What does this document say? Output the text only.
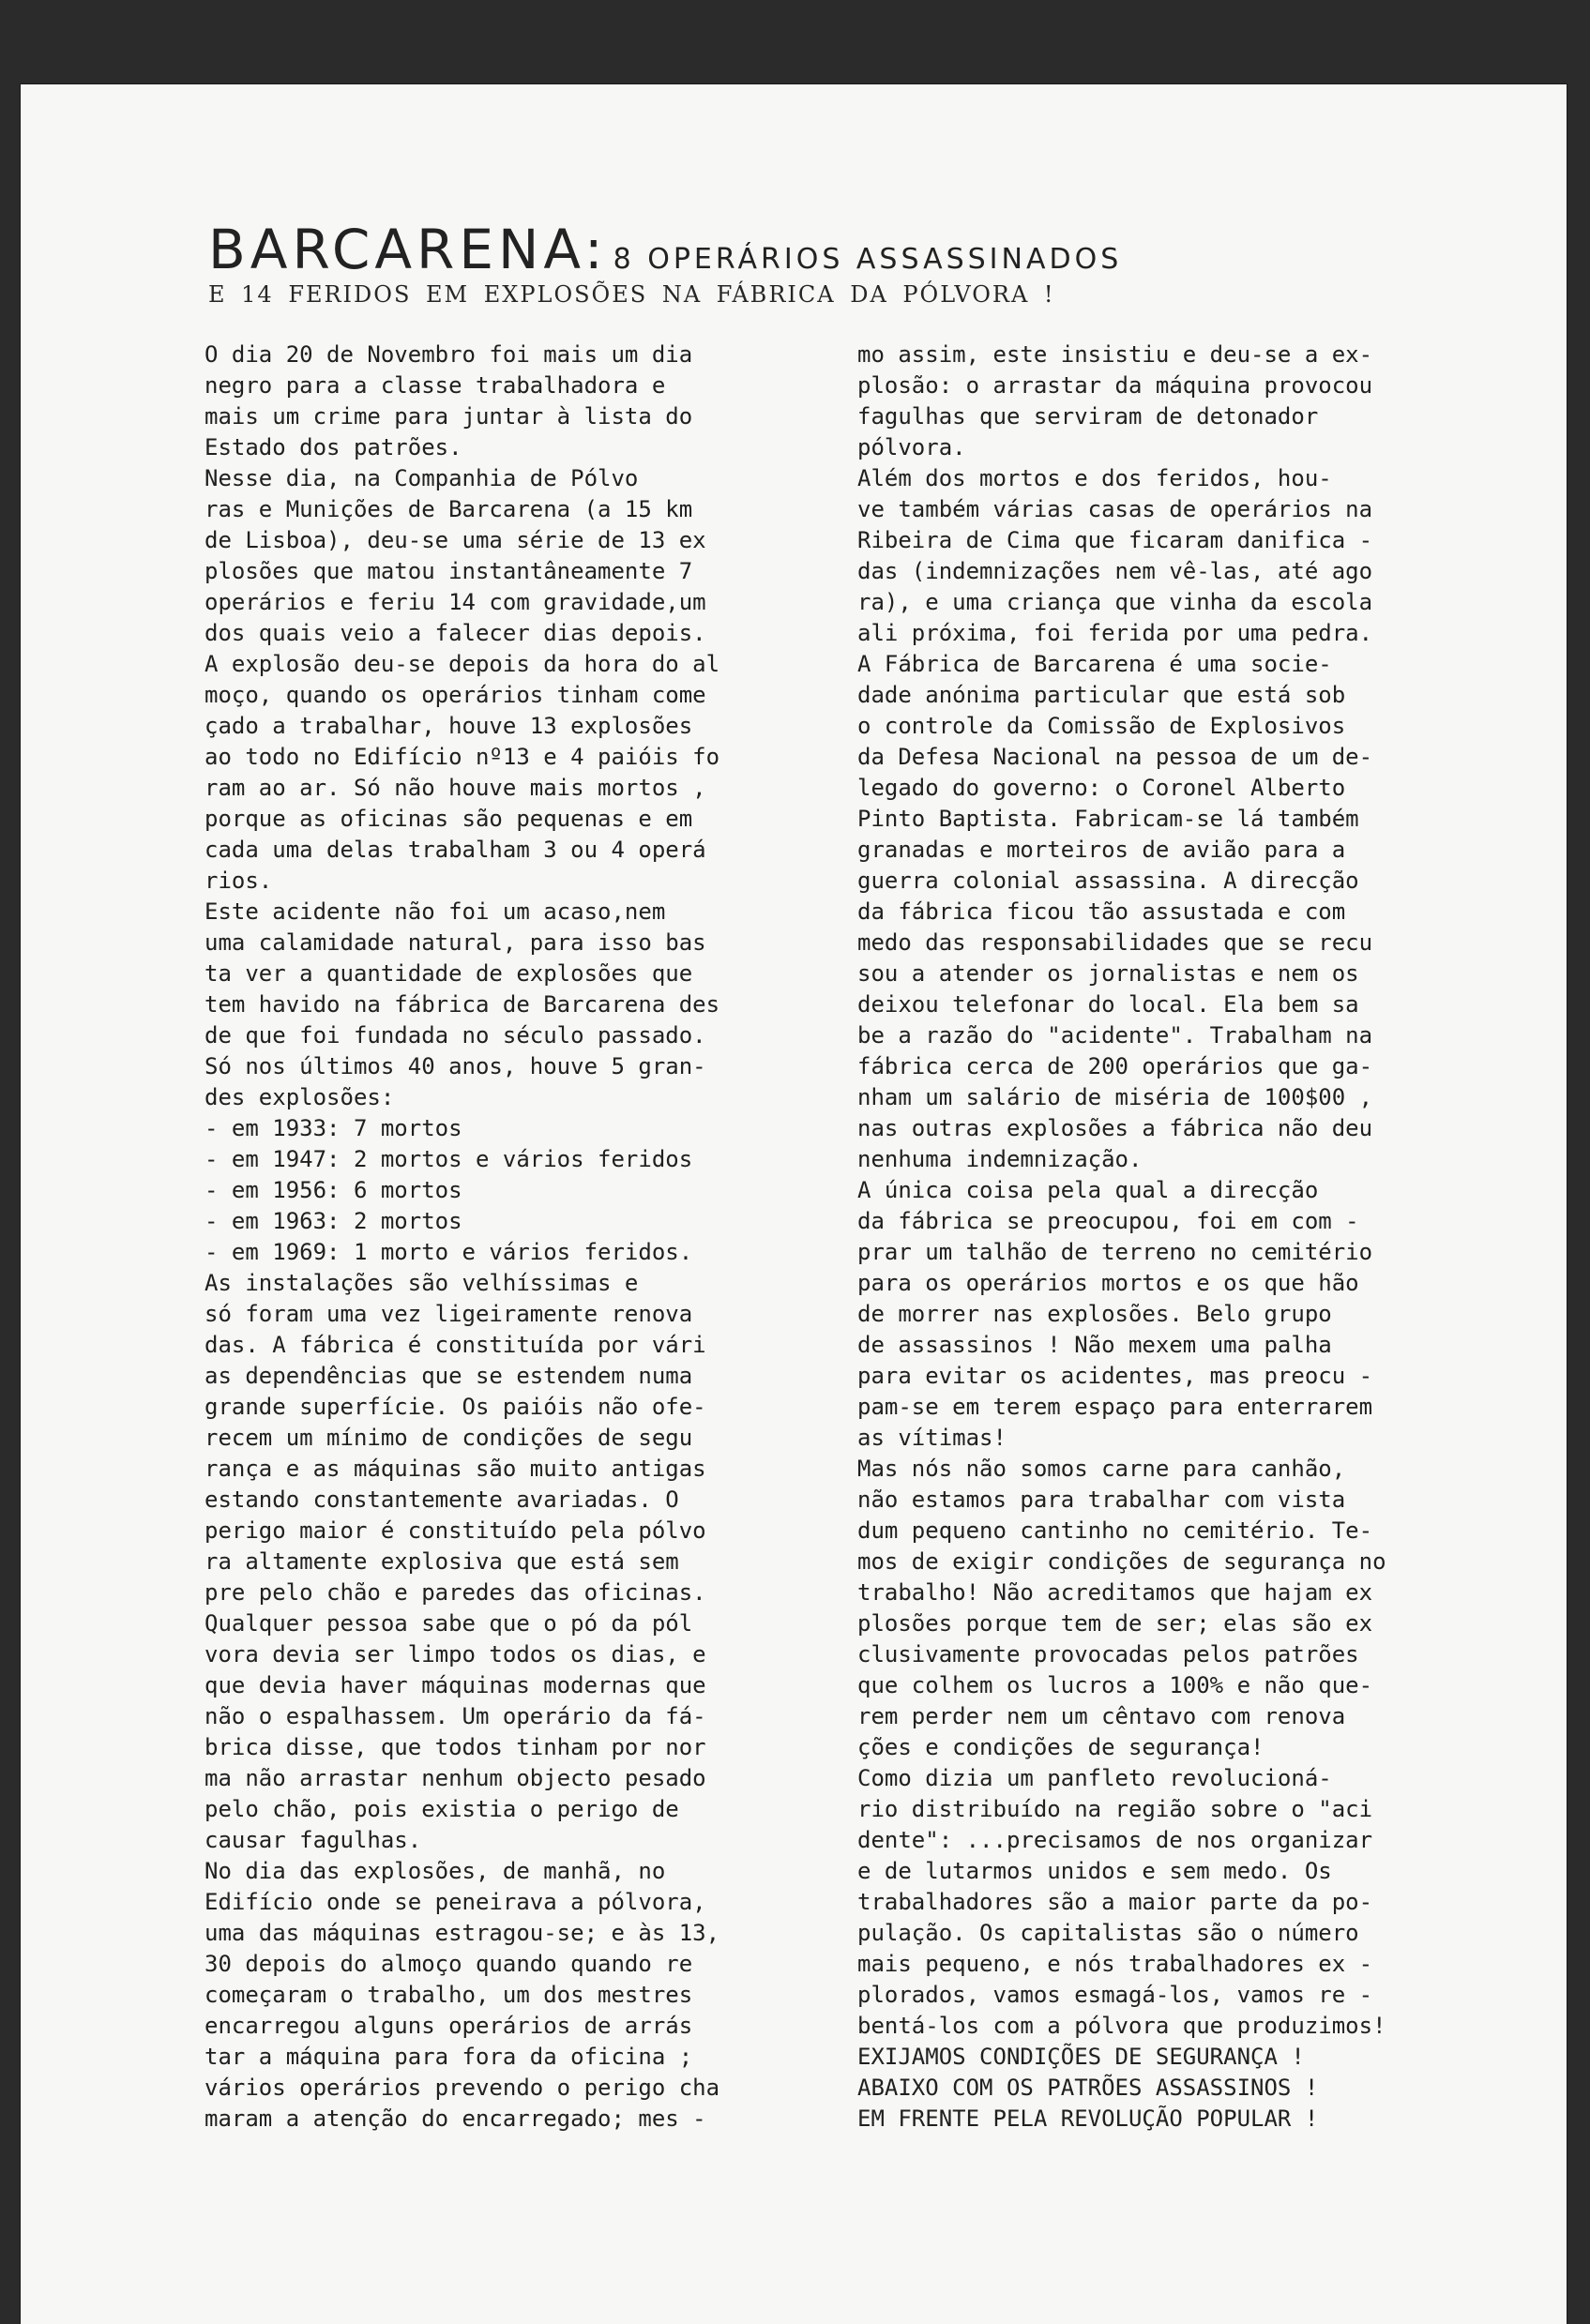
BARCARENA: 8 OPERÁRIOS ASSASSINADOS
E 14 FERIDOS EM EXPLOSÕES NA FÁBRICA DA PÓLVORA !
O dia 20 de Novembro foi mais um dia
negro para a classe trabalhadora e
mais um crime para juntar à lista do
Estado dos patrões.
Nesse dia, na Companhia de Pólvo
ras e Munições de Barcarena (a 15 km
de Lisboa), deu-se uma série de 13 ex
plosões que matou instantâneamente 7
operários e feriu 14 com gravidade,um
dos quais veio a falecer dias depois.
A explosão deu-se depois da hora do al
moço, quando os operários tinham come
çado a trabalhar, houve 13 explosões
ao todo no Edifício nº13 e 4 paióis fo
ram ao ar. Só não houve mais mortos ,
porque as oficinas são pequenas e em
cada uma delas trabalham 3 ou 4 operá
rios.
Este acidente não foi um acaso,nem
uma calamidade natural, para isso bas
ta ver a quantidade de explosões que
tem havido na fábrica de Barcarena des
de que foi fundada no século passado.
Só nos últimos 40 anos, houve 5 gran-
des explosões:
- em 1933: 7 mortos
- em 1947: 2 mortos e vários feridos
- em 1956: 6 mortos
- em 1963: 2 mortos
- em 1969: 1 morto e vários feridos.
As instalações são velhíssimas e
só foram uma vez ligeiramente renova
das. A fábrica é constituída por vári
as dependências que se estendem numa
grande superfície. Os paióis não ofe-
recem um mínimo de condições de segu
rança e as máquinas são muito antigas
estando constantemente avariadas. O
perigo maior é constituído pela pólvo
ra altamente explosiva que está sem
pre pelo chão e paredes das oficinas.
Qualquer pessoa sabe que o pó da pól
vora devia ser limpo todos os dias, e
que devia haver máquinas modernas que
não o espalhassem. Um operário da fá-
brica disse, que todos tinham por nor
ma não arrastar nenhum objecto pesado
pelo chão, pois existia o perigo de
causar fagulhas.
No dia das explosões, de manhã, no
Edifício onde se peneirava a pólvora,
uma das máquinas estragou-se; e às 13,
30 depois do almoço quando quando re
começaram o trabalho, um dos mestres
encarregou alguns operários de arrás
tar a máquina para fora da oficina ;
vários operários prevendo o perigo cha
maram a atenção do encarregado; mes -
mo assim, este insistiu e deu-se a ex-
plosão: o arrastar da máquina provocou
fagulhas que serviram de detonador
pólvora.
Além dos mortos e dos feridos, hou-
ve também várias casas de operários na
Ribeira de Cima que ficaram danifica -
das (indemnizações nem vê-las, até ago
ra), e uma criança que vinha da escola
ali próxima, foi ferida por uma pedra.
A Fábrica de Barcarena é uma socie-
dade anónima particular que está sob
o controle da Comissão de Explosivos
da Defesa Nacional na pessoa de um de-
legado do governo: o Coronel Alberto
Pinto Baptista. Fabricam-se lá também
granadas e morteiros de avião para a
guerra colonial assassina. A direcção
da fábrica ficou tão assustada e com
medo das responsabilidades que se recu
sou a atender os jornalistas e nem os
deixou telefonar do local. Ela bem sa
be a razão do "acidente". Trabalham na
fábrica cerca de 200 operários que ga-
nham um salário de miséria de 100$00 ,
nas outras explosões a fábrica não deu
nenhuma indemnização.
A única coisa pela qual a direcção
da fábrica se preocupou, foi em com -
prar um talhão de terreno no cemitério
para os operários mortos e os que hão
de morrer nas explosões. Belo grupo
de assassinos ! Não mexem uma palha
para evitar os acidentes, mas preocu -
pam-se em terem espaço para enterrarem
as vítimas!
Mas nós não somos carne para canhão,
não estamos para trabalhar com vista
dum pequeno cantinho no cemitério. Te-
mos de exigir condições de segurança no
trabalho! Não acreditamos que hajam ex
plosões porque tem de ser; elas são ex
clusivamente provocadas pelos patrões
que colhem os lucros a 100% e não que-
rem perder nem um cêntavo com renova
ções e condições de segurança!
Como dizia um panfleto revolucioná-
rio distribuído na região sobre o "aci
dente": ...precisamos de nos organizar
e de lutarmos unidos e sem medo. Os
trabalhadores são a maior parte da po-
pulação. Os capitalistas são o número
mais pequeno, e nós trabalhadores ex -
plorados, vamos esmagá-los, vamos re -
bentá-los com a pólvora que produzimos!
EXIJAMOS CONDIÇÕES DE SEGURANÇA !
ABAIXO COM OS PATRÕES ASSASSINOS !
EM FRENTE PELA REVOLUÇÃO POPULAR !
